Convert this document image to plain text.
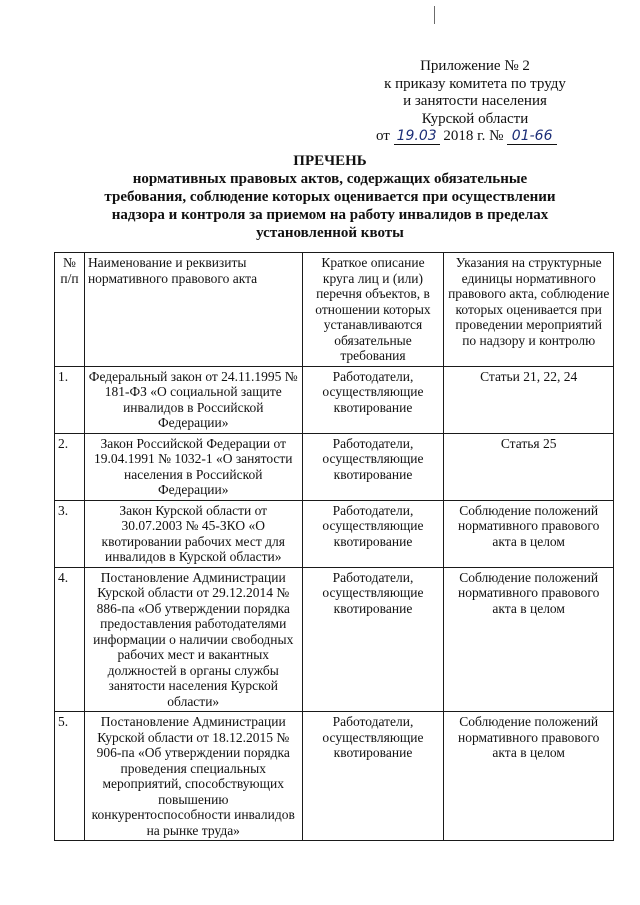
Приложение № 2
к приказу комитета по труду
и занятости населения
Курской области
от 19.03 2018 г. № 01-66
ПРЕЧЕНЬ
нормативных правовых актов, содержащих обязательные
требования, соблюдение которых оценивается при осуществлении
надзора и контроля за приемом на работу инвалидов в пределах
установленной квоты
№ п/п	Наименование и реквизиты нормативного правового акта	Краткое описание круга лиц и (или) перечня объектов, в отношении которых устанавливаются обязательные требования	Указания на структурные единицы нормативного правового акта, соблюдение которых оценивается при проведении мероприятий по надзору и контролю
1.	Федеральный закон от 24.11.1995 № 181-ФЗ «О социальной защите инвалидов в Российской Федерации»	Работодатели, осуществляющие квотирование	Статьи 21, 22, 24
2.	Закон Российской Федерации от 19.04.1991 № 1032-1 «О занятости населения в Российской Федерации»	Работодатели, осуществляющие квотирование	Статья 25
3.	Закон Курской области от 30.07.2003 № 45-ЗКО «О квотировании рабочих мест для инвалидов в Курской области»	Работодатели, осуществляющие квотирование	Соблюдение положений нормативного правового акта в целом
4.	Постановление Администрации Курской области от 29.12.2014 № 886-па «Об утверждении порядка предоставления работодателями информации о наличии свободных рабочих мест и вакантных должностей в органы службы занятости населения Курской области»	Работодатели, осуществляющие квотирование	Соблюдение положений нормативного правового акта в целом
5.	Постановление Администрации Курской области от 18.12.2015 № 906-па «Об утверждении порядка проведения специальных мероприятий, способствующих повышению конкурентоспособности инвалидов на рынке труда»	Работодатели, осуществляющие квотирование	Соблюдение положений нормативного правового акта в целом
